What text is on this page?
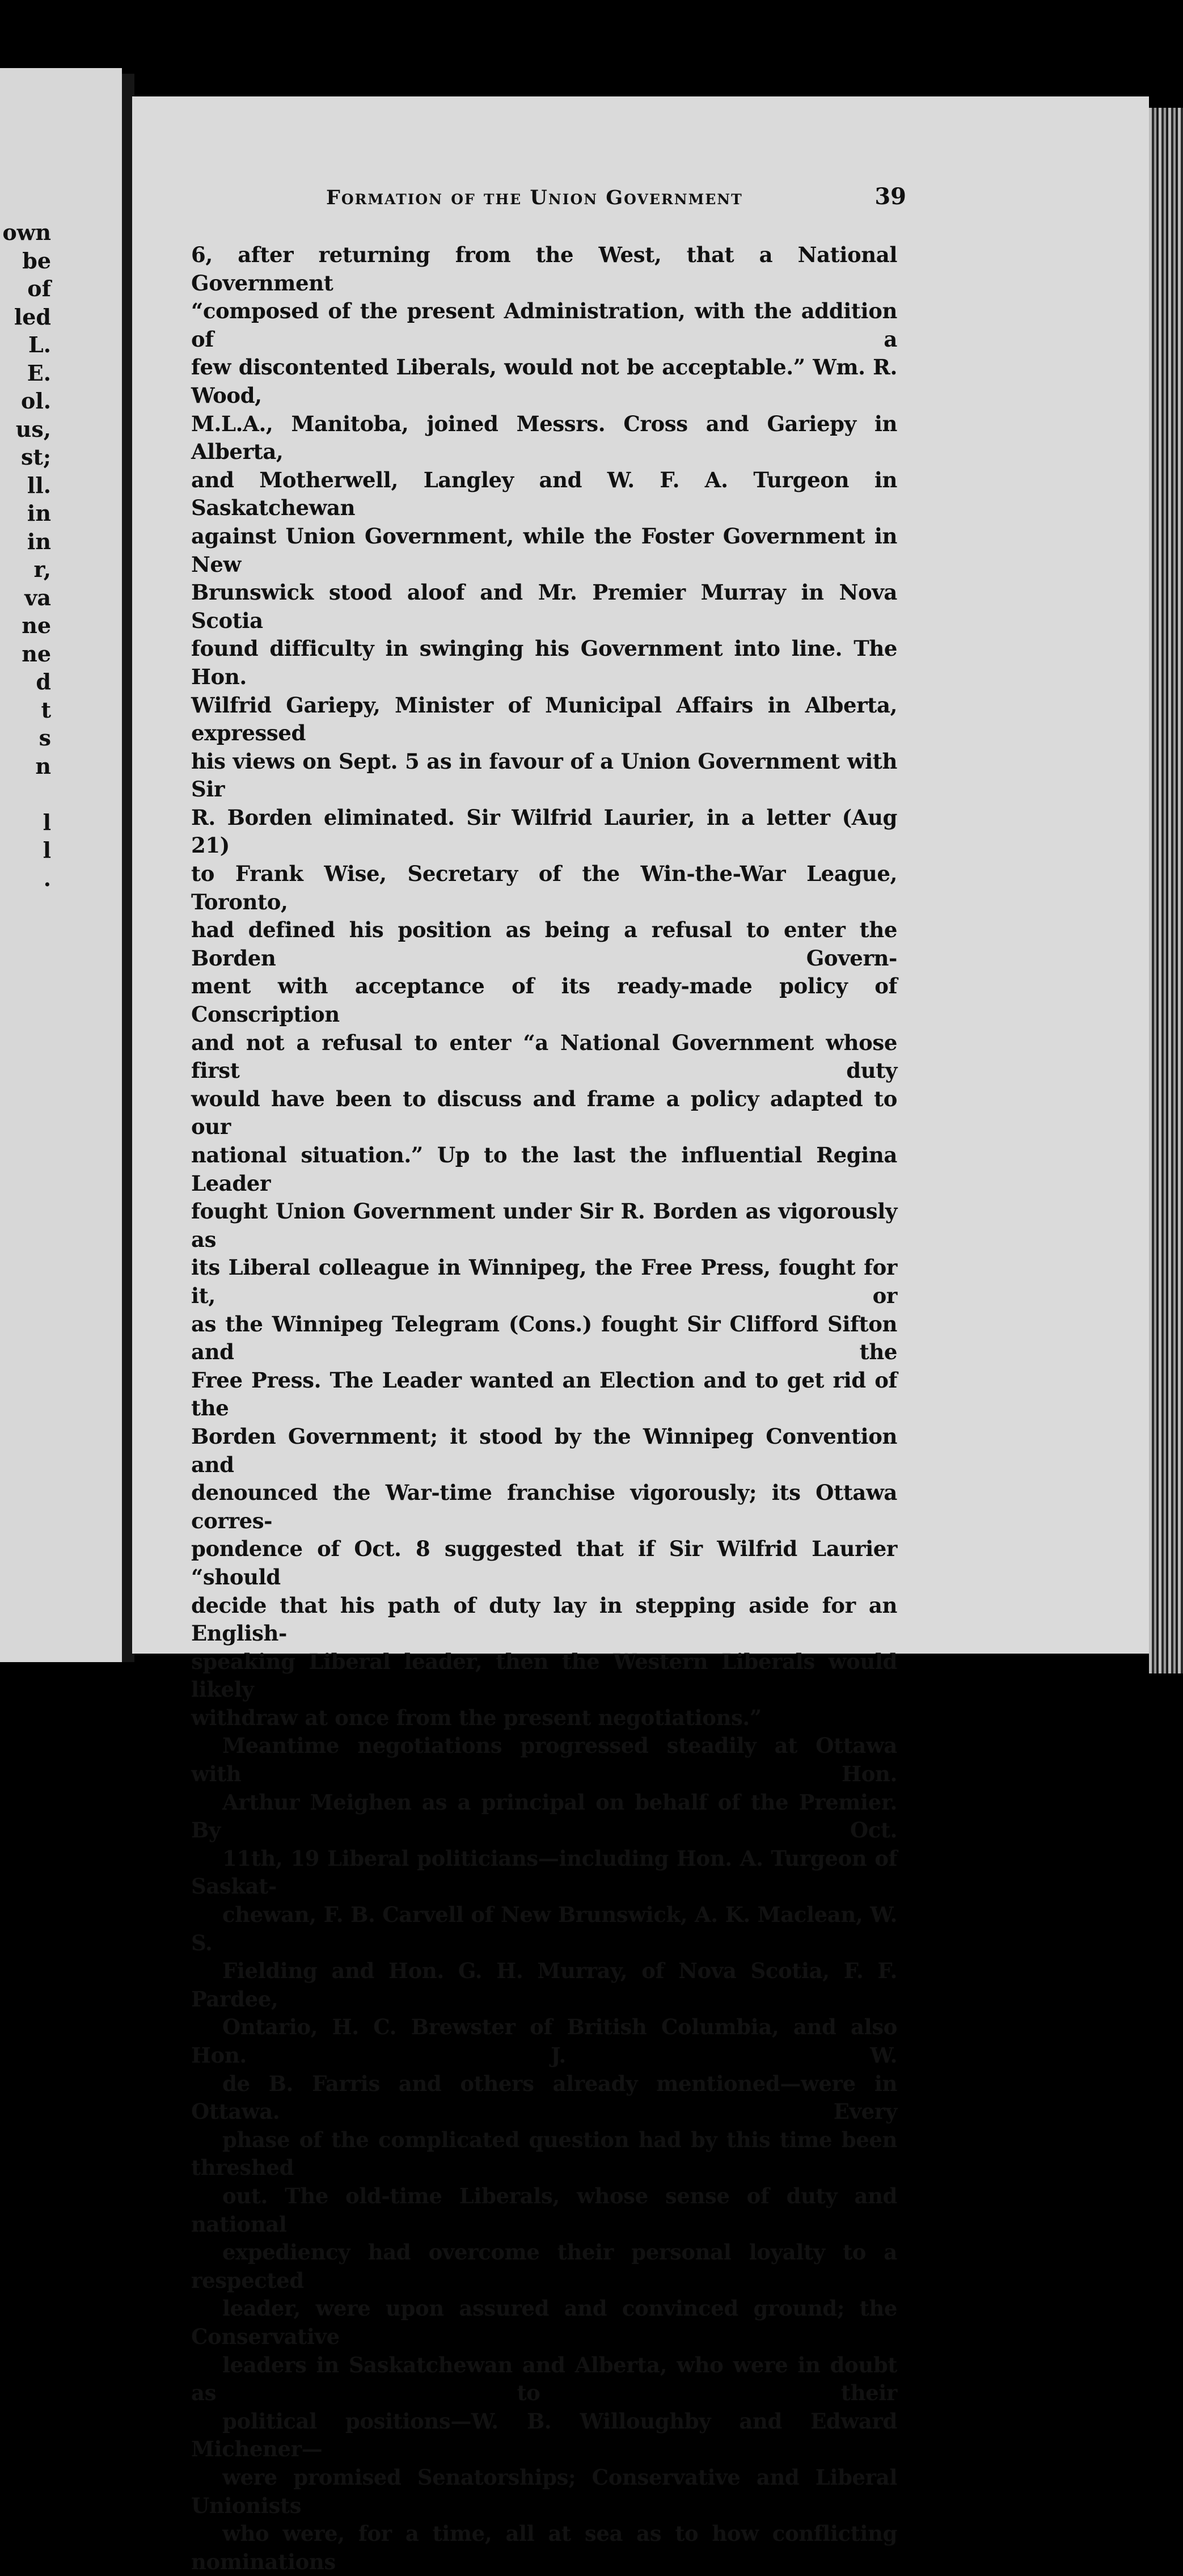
own
be
of
led
L.
E.
ol.
us,
st;
ll.
in
in
r,
va
ne
ne
d
t
s
n

l
l
.
Formation of the Union Government	39

6, after returning from the West, that a National Government
“composed of the present Administration, with the addition of a
few discontented Liberals, would not be acceptable.” Wm. R. Wood,
M.L.A., Manitoba, joined Messrs. Cross and Gariepy in Alberta,
and Motherwell, Langley and W. F. A. Turgeon in Saskatchewan
against Union Government, while the Foster Government in New
Brunswick stood aloof and Mr. Premier Murray in Nova Scotia
found difficulty in swinging his Government into line. The Hon.
Wilfrid Gariepy, Minister of Municipal Affairs in Alberta, expressed
his views on Sept. 5 as in favour of a Union Government with Sir
R. Borden eliminated. Sir Wilfrid Laurier, in a letter (Aug 21)
to Frank Wise, Secretary of the Win-the-War League, Toronto,
had defined his position as being a refusal to enter the Borden Govern-
ment with acceptance of its ready-made policy of Conscription
and not a refusal to enter “a National Government whose first duty
would have been to discuss and frame a policy adapted to our
national situation.” Up to the last the influential Regina Leader
fought Union Government under Sir R. Borden as vigorously as
its Liberal colleague in Winnipeg, the Free Press, fought for it, or
as the Winnipeg Telegram (Cons.) fought Sir Clifford Sifton and the
Free Press. The Leader wanted an Election and to get rid of the
Borden Government; it stood by the Winnipeg Convention and
denounced the War-time franchise vigorously; its Ottawa corres-
pondence of Oct. 8 suggested that if Sir Wilfrid Laurier “should
decide that his path of duty lay in stepping aside for an English-
speaking Liberal leader, then the Western Liberals would likely
withdraw at once from the present negotiations.”

Meantime negotiations progressed steadily at Ottawa with Hon.
Arthur Meighen as a principal on behalf of the Premier. By Oct.
11th, 19 Liberal politicians—including Hon. A. Turgeon of Saskat-
chewan, F. B. Carvell of New Brunswick, A. K. Maclean, W. S.
Fielding and Hon. G. H. Murray, of Nova Scotia, F. F. Pardee,
Ontario, H. C. Brewster of British Columbia, and also Hon. J. W.
de B. Farris and others already mentioned—were in Ottawa. Every
phase of the complicated question had by this time been threshed
out. The old-time Liberals, whose sense of duty and national
expediency had overcome their personal loyalty to a respected
leader, were upon assured and convinced ground; the Conservative
leaders in Saskatchewan and Alberta, who were in doubt as to their
political positions—W. B. Willoughby and Edward Michener—
were promised Senatorships; Conservative and Liberal Unionists
who were, for a time, all at sea as to how conflicting nominations
